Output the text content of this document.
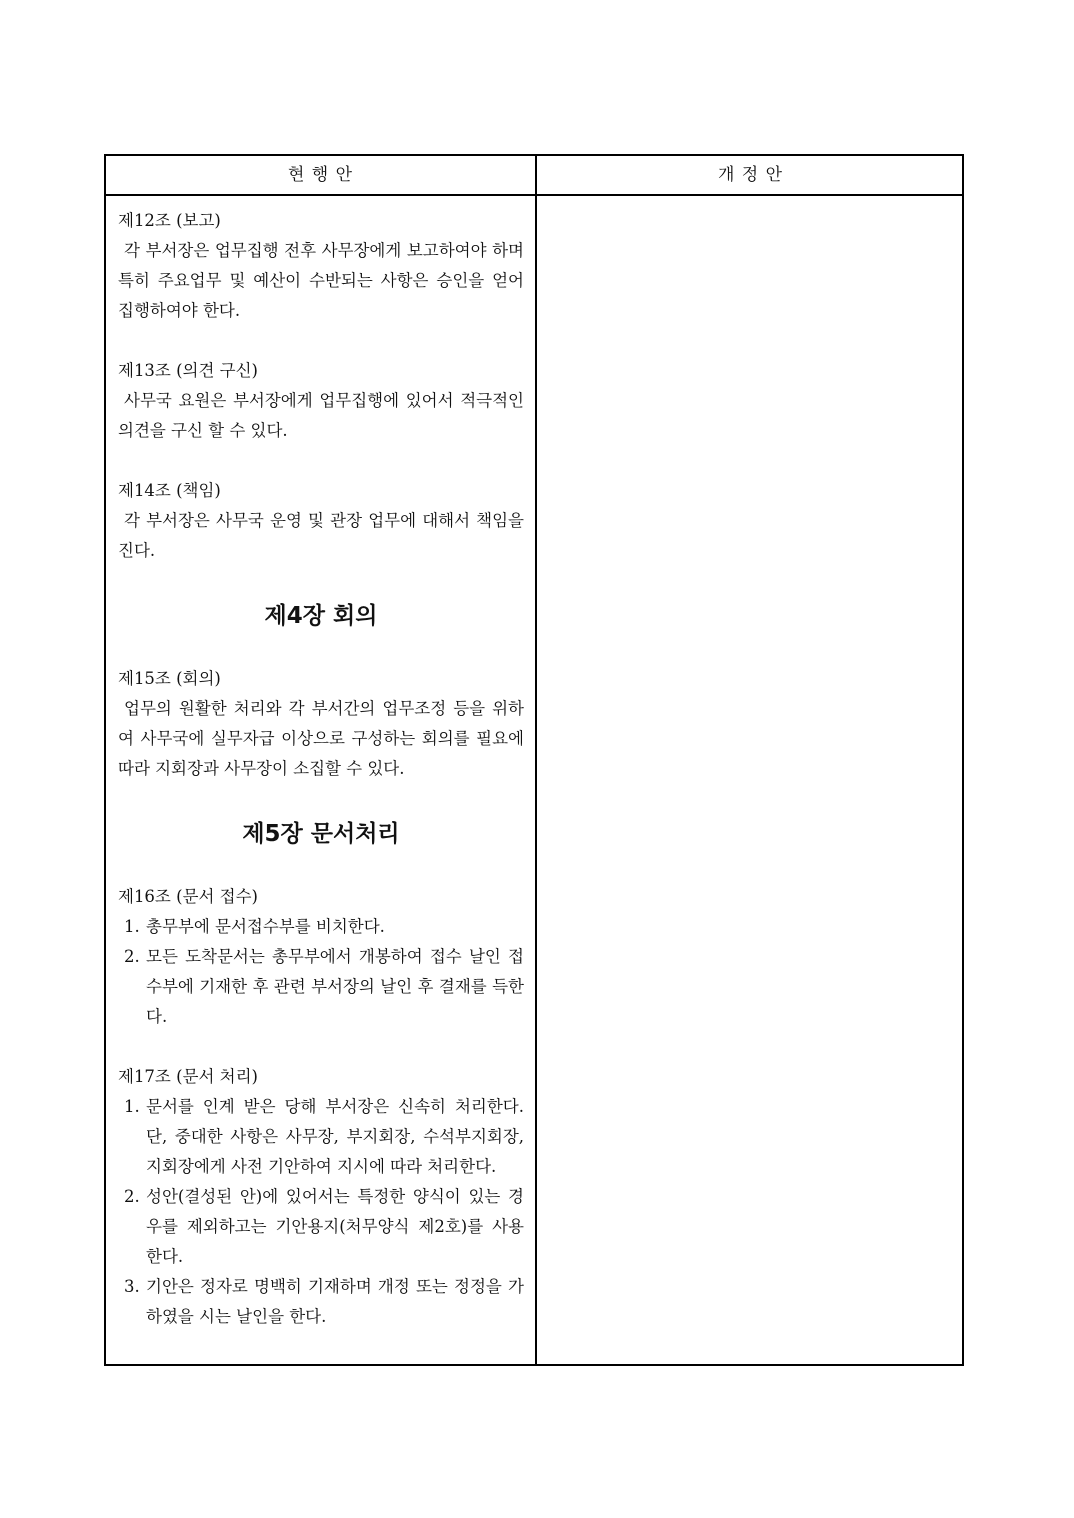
현 행 안	개 정 안
제12조 (보고)
각 부서장은 업무집행 전후 사무장에게 보고하여야 하며 특히 주요업무 및 예산이 수반되는 사항은 승인을 얻어 집행하여야 한다.
제13조 (의견 구신)
사무국 요원은 부서장에게 업무집행에 있어서 적극적인 의견을 구신 할 수 있다.
제14조 (책임)
각 부서장은 사무국 운영 및 관장 업무에 대해서 책임을 진다.
제4장 회의
제15조 (회의)
업무의 원활한 처리와 각 부서간의 업무조정 등을 위하여 사무국에 실무자급 이상으로 구성하는 회의를 필요에 따라 지회장과 사무장이 소집할 수 있다.
제5장 문서처리
제16조 (문서 접수)
1. 총무부에 문서접수부를 비치한다.
2. 모든 도착문서는 총무부에서 개봉하여 접수 날인 접수부에 기재한 후 관련 부서장의 날인 후 결재를 득한다.
제17조 (문서 처리)
1. 문서를 인계 받은 당해 부서장은 신속히 처리한다. 단, 중대한 사항은 사무장, 부지회장, 수석부지회장, 지회장에게 사전 기안하여 지시에 따라 처리한다.
2. 성안(결성된 안)에 있어서는 특정한 양식이 있는 경우를 제외하고는 기안용지(처무양식 제2호)를 사용한다.
3. 기안은 정자로 명백히 기재하며 개정 또는 정정을 가하였을 시는 날인을 한다.
